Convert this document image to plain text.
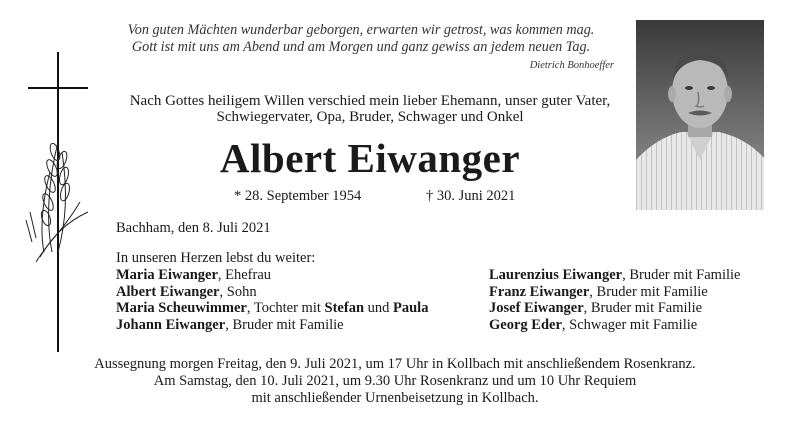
Von guten Mächten wunderbar geborgen, erwarten wir getrost, was kommen mag.
Gott ist mit uns am Abend und am Morgen und ganz gewiss an jedem neuen Tag.
Dietrich Bonhoeffer
Nach Gottes heiligem Willen verschied mein lieber Ehemann, unser guter Vater,
Schwiegervater, Opa, Bruder, Schwager und Onkel
Albert Eiwanger
* 28. September 1954	† 30. Juni 2021
Bachham, den 8. Juli 2021
In unseren Herzen lebst du weiter:
Maria Eiwanger, Ehefrau
Albert Eiwanger, Sohn
Maria Scheuwimmer, Tochter mit Stefan und Paula
Johann Eiwanger, Bruder mit Familie
Laurenzius Eiwanger, Bruder mit Familie
Franz Eiwanger, Bruder mit Familie
Josef Eiwanger, Bruder mit Familie
Georg Eder, Schwager mit Familie
Aussegnung morgen Freitag, den 9. Juli 2021, um 17 Uhr in Kollbach mit anschließendem Rosenkranz.
Am Samstag, den 10. Juli 2021, um 9.30 Uhr Rosenkranz und um 10 Uhr Requiem
mit anschließender Urnenbeisetzung in Kollbach.
